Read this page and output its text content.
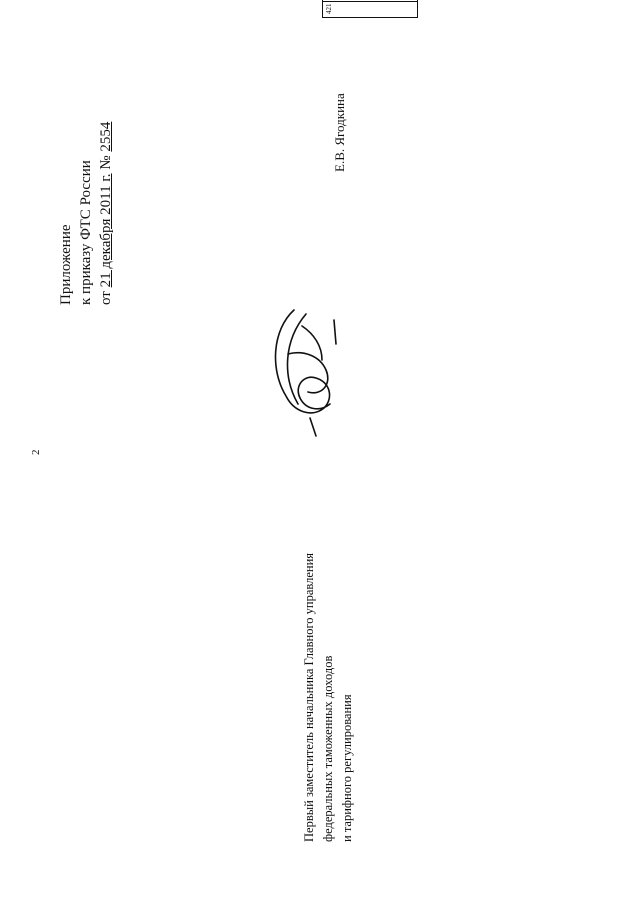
2
Приложение к приказу ФТС России от 21 декабря 2011 г. № 2554
421

Первый заместитель начальника Главного управления федеральных таможенных доходов и тарифного регулирования
Е.В. Ягодкина
